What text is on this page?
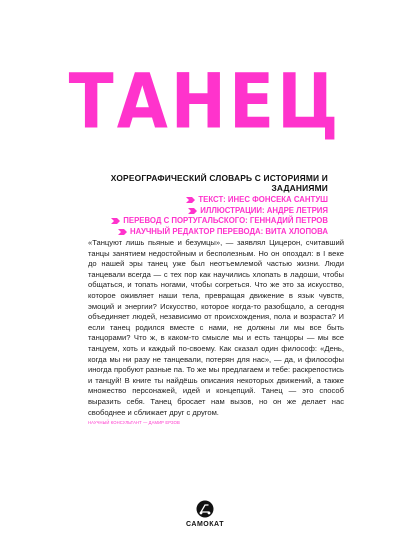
ТАНЕЦ
ХОРЕОГРАФИЧЕСКИЙ СЛОВАРЬ С ИСТОРИЯМИ И ЗАДАНИЯМИ
ТЕКСТ: ИНЕС ФОНСЕКА САНТУШ
ИЛЛЮСТРАЦИИ: АНДРЕ ЛЕТРИЯ
ПЕРЕВОД С ПОРТУГАЛЬСКОГО: ГЕННАДИЙ ПЕТРОВ
НАУЧНЫЙ РЕДАКТОР ПЕРЕВОДА: ВИТА ХЛОПОВА
«Танцуют лишь пьяные и безумцы», — заявлял Цицерон, считавший танцы занятием недостойным и бесполезным. Но он опоздал: в I веке до нашей эры танец уже был неотъемлемой частью жизни. Люди танцевали всегда — с тех пор как научились хлопать в ладоши, чтобы общаться, и топать ногами, чтобы согреться. Что же это за искусство, которое оживляет наши тела, превращая движение в язык чувств, эмоций и энергии? Искусство, которое когда-то разобщало, а сегодня объединяет людей, независимо от происхождения, пола и возраста? И если танец родился вместе с нами, не должны ли мы все быть танцорами? Что ж, в каком-то смысле мы и есть танцоры — мы все танцуем, хоть и каждый по-своему. Как сказал один философ: «День, когда мы ни разу не танцевали, потерян для нас», — да, и философы иногда пробуют разные па. То же мы предлагаем и тебе: раскрепостись и танцуй! В книге ты найдёшь описания некоторых движений, а также множество персонажей, идей и концепций. Танец — это способ выразить себя. Танец бросает нам вызов, но он же делает нас свободнее и сближает друг с другом.
НАУЧНЫЙ КОНСУЛЬТАНТ — ДАМИР ЕРЗОВ
САМОКАТ
